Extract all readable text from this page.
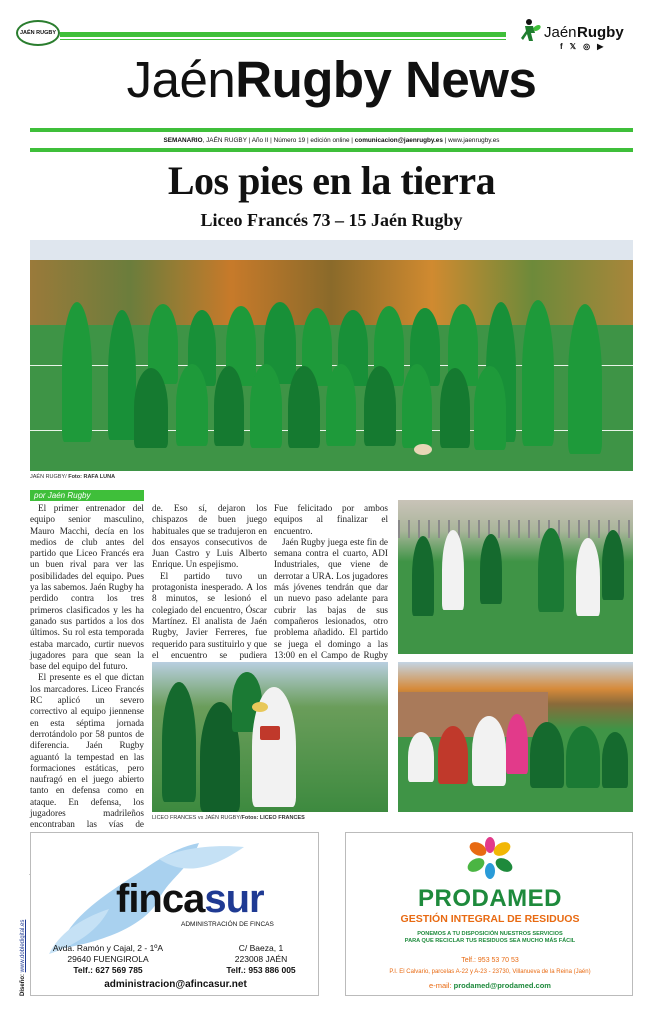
JAÉN RUGBY	Jaén Rugby
f 𝕏 ◎ ▶
JaénRugby News
SEMANARIO, JAÉN RUGBY | Año II | Número 19 | edición online | comunicacion@jaenrugby.es | www.jaenrugby.es
Los pies en la tierra
Liceo Francés 73 – 15 Jaén Rugby
JAÉN RUGBY/ Foto: RAFA LUNA
por Jaén Rugby

El primer entrenador del equipo senior masculino, Mauro Macchi, decía en los medios de club antes del partido que Liceo Francés era un buen rival para ver las posibilidades del equipo. Pues ya las sabemos. Jaén Rugby ha perdido contra los tres primeros clasificados y les ha ganado sus partidos a los dos últimos. Su rol esta temporada estaba marcado, curtir nuevos jugadores para que sean la base del equipo del futuro.

El presente es el que dictan los marcadores. Liceo Francés RC aplicó un severo correctivo al equipo jiennense en esta séptima jornada derrotándolo por 58 puntos de diferencia. Jaén Rugby aguantó la tempestad en las formaciones estáticas, pero naufragó en el juego abierto tanto en defensa como en ataque. En defensa, los jugadores madrileños encontraban las vías de

de. Eso sí, dejaron los chispazos de buen juego habituales que se tradujeron en dos ensayos consecutivos de Juan Castro y Luis Alberto Enrique. Un espejismo.

El partido tuvo un protagonista inesperado. A los 8 minutos, se lesionó el colegiado del encuentro, Óscar Martínez. El analista de Jaén Rugby, Javier Ferreres, fue requerido para sustituirlo y que el encuentro se pudiera

Fue felicitado por ambos equipos al finalizar el encuentro.

Jaén Rugby juega este fin de semana contra el cuarto, ADI Industriales, que viene de derrotar a URA. Los jugadores más jóvenes tendrán que dar un nuevo paso adelante para cubrir las bajas de sus compañeros lesionados, otro problema añadido. El partido se juega el domingo a las 13:00 en el Campo de Rugby

LICEO FRANCES vs JAÉN RUGBY/Fotos: LICEO FRANCES
fincasur
ADMINISTRACIÓN DE FINCAS
Avda. Ramón y Cajal, 2 - 1ºA
29640 FUENGIROLA
Telf.: 627 569 785
C/ Baeza, 1
223008 JAÉN
Telf.: 953 886 005
administracion@afincasur.net
PRODAMED
GESTIÓN INTEGRAL DE RESIDUOS
PONEMOS A TU DISPOSICIÓN NUESTROS SERVICIOS
PARA QUE RECICLAR TUS RESIDUOS SEA MUCHO MÁS FÁCIL
Telf.: 953 53 70 53
P.I. El Calvario, parcelas A-22 y A-23 - 23730, Villanueva de la Reina (Jaén)
e-mail: prodamed@prodamed.com
Diseño: www.dobledigital.es
